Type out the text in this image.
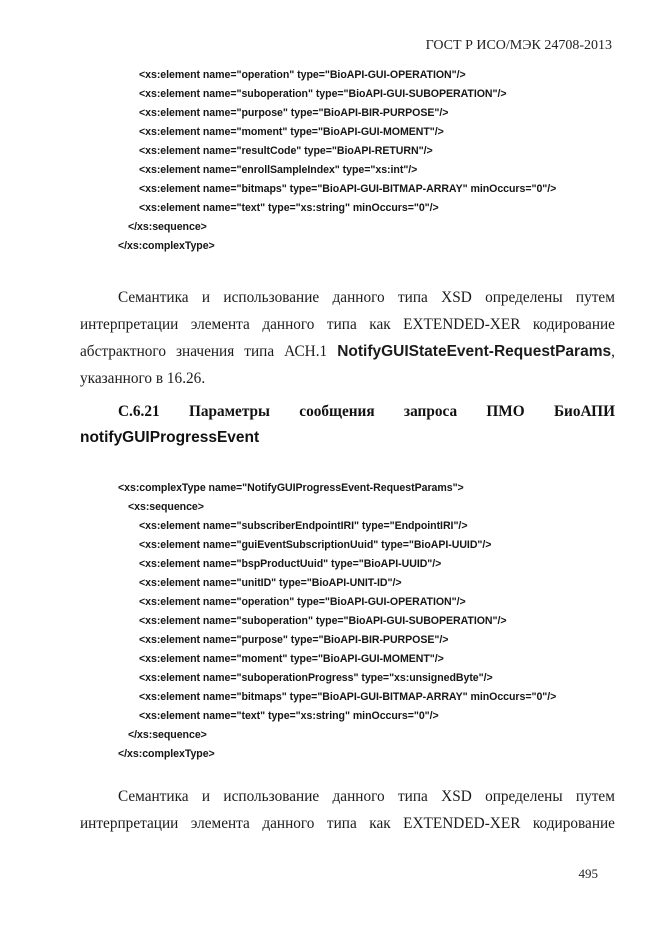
ГОСТ Р ИСО/МЭК 24708-2013
<xs:element name="operation" type="BioAPI-GUI-OPERATION"/>
<xs:element name="suboperation" type="BioAPI-GUI-SUBOPERATION"/>
<xs:element name="purpose" type="BioAPI-BIR-PURPOSE"/>
<xs:element name="moment" type="BioAPI-GUI-MOMENT"/>
<xs:element name="resultCode" type="BioAPI-RETURN"/>
<xs:element name="enrollSampleIndex" type="xs:int"/>
<xs:element name="bitmaps" type="BioAPI-GUI-BITMAP-ARRAY" minOccurs="0"/>
<xs:element name="text" type="xs:string" minOccurs="0"/>
</xs:sequence>
</xs:complexType>
Семантика и использование данного типа XSD определены путем
интерпретации элемента данного типа как EXTENDED-XER кодирование
абстрактного значения типа АСН.1 NotifyGUIStateEvent-RequestParams,
указанного в 16.26.
С.6.21 Параметры сообщения запроса ПМО БиоАПИ
notifyGUIProgressEvent
<xs:complexType name="NotifyGUIProgressEvent-RequestParams">
<xs:sequence>
<xs:element name="subscriberEndpointIRI" type="EndpointIRI"/>
<xs:element name="guiEventSubscriptionUuid" type="BioAPI-UUID"/>
<xs:element name="bspProductUuid" type="BioAPI-UUID"/>
<xs:element name="unitID" type="BioAPI-UNIT-ID"/>
<xs:element name="operation" type="BioAPI-GUI-OPERATION"/>
<xs:element name="suboperation" type="BioAPI-GUI-SUBOPERATION"/>
<xs:element name="purpose" type="BioAPI-BIR-PURPOSE"/>
<xs:element name="moment" type="BioAPI-GUI-MOMENT"/>
<xs:element name="suboperationProgress" type="xs:unsignedByte"/>
<xs:element name="bitmaps" type="BioAPI-GUI-BITMAP-ARRAY" minOccurs="0"/>
<xs:element name="text" type="xs:string" minOccurs="0"/>
</xs:sequence>
</xs:complexType>
Семантика и использование данного типа XSD определены путем
интерпретации элемента данного типа как EXTENDED-XER кодирование
495
